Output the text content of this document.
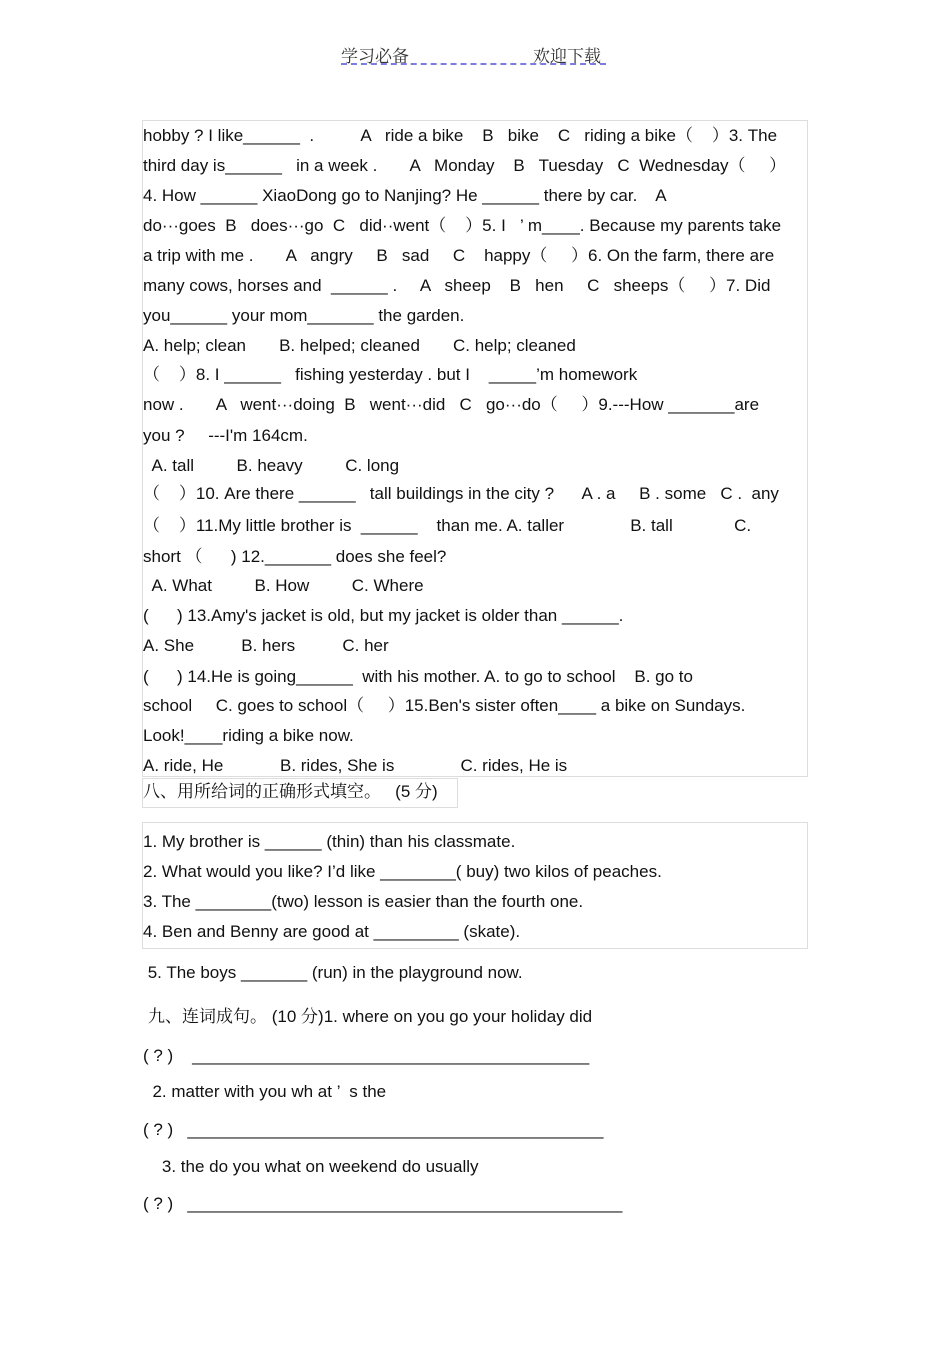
学习必备	欢迎下载
hobby ? I like______  .          A   ride a bike    B   bike    C   riding a bike（    ）3. The
third day is______   in a week .       A   Monday    B   Tuesday   C  Wednesday（     ）
4. How ______ XiaoDong go to Nanjing? He ______ there by car.    A
do···goes  B   does···go  C   did··went（    ）5. I   ’ m____. Because my parents take
a trip with me .       A   angry     B   sad     C    happy（     ）6. On the farm, there are
many cows, horses and  ______ .     A   sheep    B   hen     C   sheeps（     ）7. Did
you______ your mom_______ the garden.
A. help; clean       B. helped; cleaned       C. help; cleaned
（    ）8. I ______   fishing yesterday . but I    _____’m homework
now .       A   went···doing  B   went···did   C   go···do（     ）9.---How _______are
you ?     ---I'm 164cm.
A. tall         B. heavy         C. long
（    ）10. Are there ______   tall buildings in the city ?      A . a     B . some   C .  any
（    ）11.My little brother is  ______    than me. A. taller              B. tall             C.
short （      ) 12._______ does she feel?
A. What         B. How         C. Where
(      ) 13.Amy's jacket is old, but my jacket is older than ______.
A. She          B. hers          C. her
(      ) 14.He is going______  with his mother. A. to go to school    B. go to
school     C. goes to school（     ）15.Ben's sister often____ a bike on Sundays.
Look!____riding a bike now.
A. ride, He            B. rides, She is              C. rides, He is
八、用所给词的正确形式填空。 (5 分)
1. My brother is ______ (thin) than his classmate.
2. What would you like? I’d like ________( buy) two kilos of peaches.
3. The ________(two) lesson is easier than the fourth one.
4. Ben and Benny are good at _________ (skate).
5. The boys _______ (run) in the playground now.
九、连词成句。 (10 分)1. where on you go your holiday did
( ? )    __________________________________________
2. matter with you wh at ’  s the
( ? )   ____________________________________________
3. the do you what on weekend do usually
( ? )   ______________________________________________
